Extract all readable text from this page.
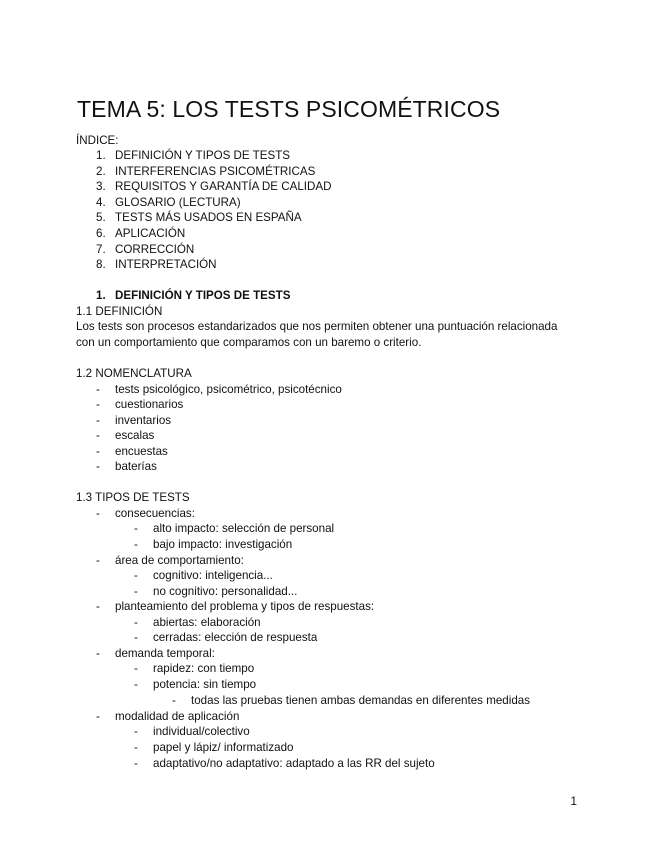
TEMA 5: LOS TESTS PSICOMÉTRICOS
ÍNDICE:
1. DEFINICIÓN Y TIPOS DE TESTS
2. INTERFERENCIAS PSICOMÉTRICAS
3. REQUISITOS Y GARANTÍA DE CALIDAD
4. GLOSARIO (LECTURA)
5. TESTS MÁS USADOS EN ESPAÑA
6. APLICACIÓN
7. CORRECCIÓN
8. INTERPRETACIÓN
1. DEFINICIÓN Y TIPOS DE TESTS
1.1 DEFINICIÓN
Los tests son procesos estandarizados que nos permiten obtener una puntuación relacionada con un comportamiento que comparamos con un baremo o criterio.
1.2 NOMENCLATURA
- tests psicológico, psicométrico, psicotécnico
- cuestionarios
- inventarios
- escalas
- encuestas
- baterías
1.3 TIPOS DE TESTS
- consecuencias:
- alto impacto: selección de personal
- bajo impacto: investigación
- área de comportamiento:
- cognitivo: inteligencia...
- no cognitivo: personalidad...
- planteamiento del problema y tipos de respuestas:
- abiertas: elaboración
- cerradas: elección de respuesta
- demanda temporal:
- rapidez: con tiempo
- potencia: sin tiempo
- todas las pruebas tienen ambas demandas en diferentes medidas
- modalidad de aplicación
- individual/colectivo
- papel y lápiz/ informatizado
- adaptativo/no adaptativo: adaptado a las RR del sujeto
1
